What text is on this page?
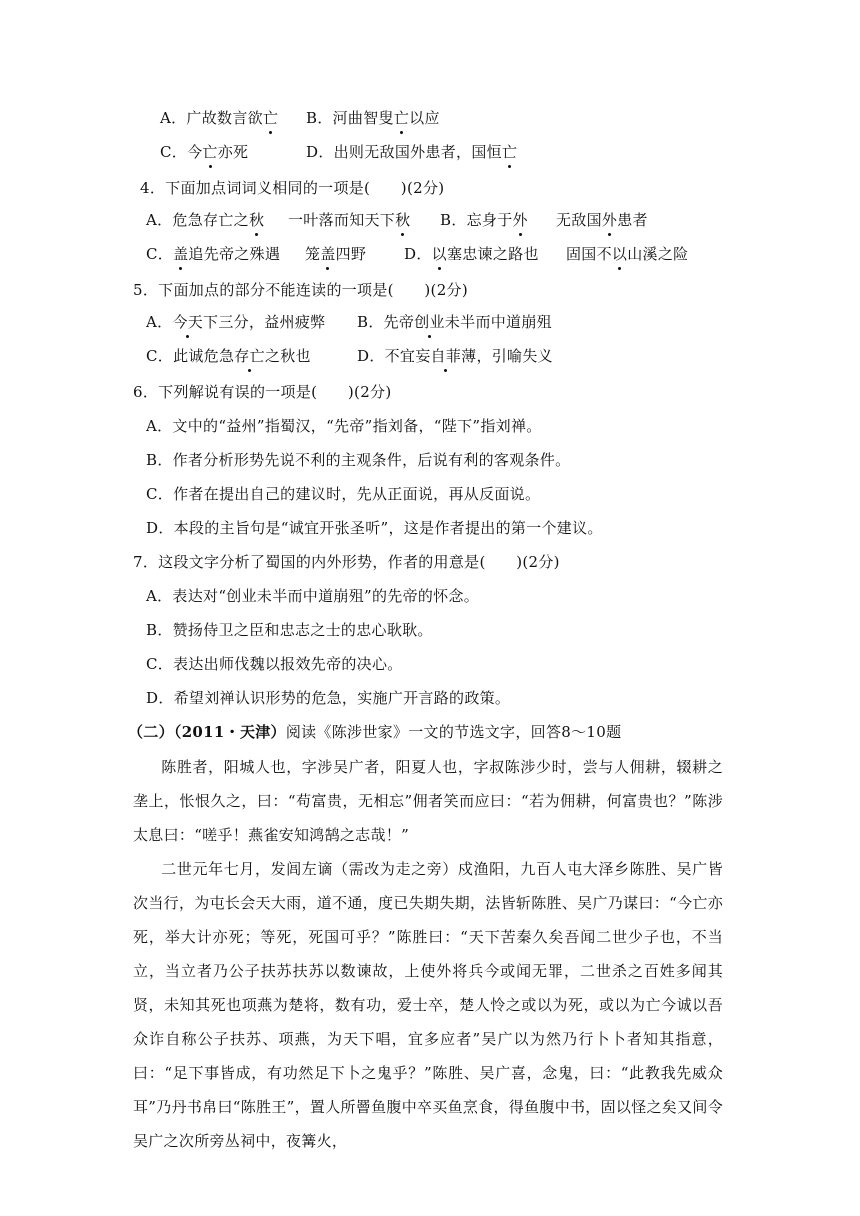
A．广故数言欲亡 B．河曲智叟亡以应
C．今亡亦死	D．出则无敌国外患者，国恒亡
4．下面加点词词义相同的一项是(　　)(2分)
A．危急存亡之秋 一叶落而知天下秋 B．忘身于外 无敌国外患者
C．盖追先帝之殊遇 笼盖四野	D．以塞忠谏之路也 固国不以山溪之险
5．下面加点的部分不能连读的一项是(　　)(2分)
A．今天下三分，益州疲弊 B．先帝创业未半而中道崩殂
C．此诚危急存亡之秋也	D．不宜妄自菲薄，引喻失义
6．下列解说有误的一项是(　　)(2分)
A．文中的“益州”指蜀汉，“先帝”指刘备，“陛下”指刘禅。
B．作者分析形势先说不利的主观条件，后说有利的客观条件。
C．作者在提出自己的建议时，先从正面说，再从反面说。
D．本段的主旨句是“诚宜开张圣听”，这是作者提出的第一个建议。
7．这段文字分析了蜀国的内外形势，作者的用意是(　　)(2分)
A．表达对“创业未半而中道崩殂”的先帝的怀念。
B．赞扬侍卫之臣和忠志之士的忠心耿耿。
C．表达出师伐魏以报效先帝的决心。
D．希望刘禅认识形势的危急，实施广开言路的政策。
（二）（2011・天津）阅读《陈涉世家》一文的节选文字，回答8～10题
陈胜者，阳城人也，字涉吴广者，阳夏人也，字叔陈涉少时，尝与人佣耕，辍耕之垄上，怅恨久之，曰：“苟富贵，无相忘”佣者笑而应曰：“若为佣耕，何富贵也？”陈涉太息曰：“嗟乎！燕雀安知鸿鹄之志哉！”
二世元年七月，发闾左谪（需改为走之旁）戍渔阳，九百人屯大泽乡陈胜、吴广皆次当行，为屯长会天大雨，道不通，度已失期失期，法皆斩陈胜、吴广乃谋曰：“今亡亦死，举大计亦死；等死，死国可乎？”陈胜曰：“天下苦秦久矣吾闻二世少子也，不当立，当立者乃公子扶苏扶苏以数谏故，上使外将兵今或闻无罪，二世杀之百姓多闻其贤，未知其死也项燕为楚将，数有功，爱士卒，楚人怜之或以为死，或以为亡今诚以吾众诈自称公子扶苏、项燕，为天下唱，宜多应者”吴广以为然乃行卜卜者知其指意，曰：“足下事皆成，有功然足下卜之鬼乎？”陈胜、吴广喜，念鬼，曰：“此教我先威众耳”乃丹书帛曰“陈胜王”，置人所罾鱼腹中卒买鱼烹食，得鱼腹中书，固以怪之矣又间令吴广之次所旁丛祠中，夜篝火，
